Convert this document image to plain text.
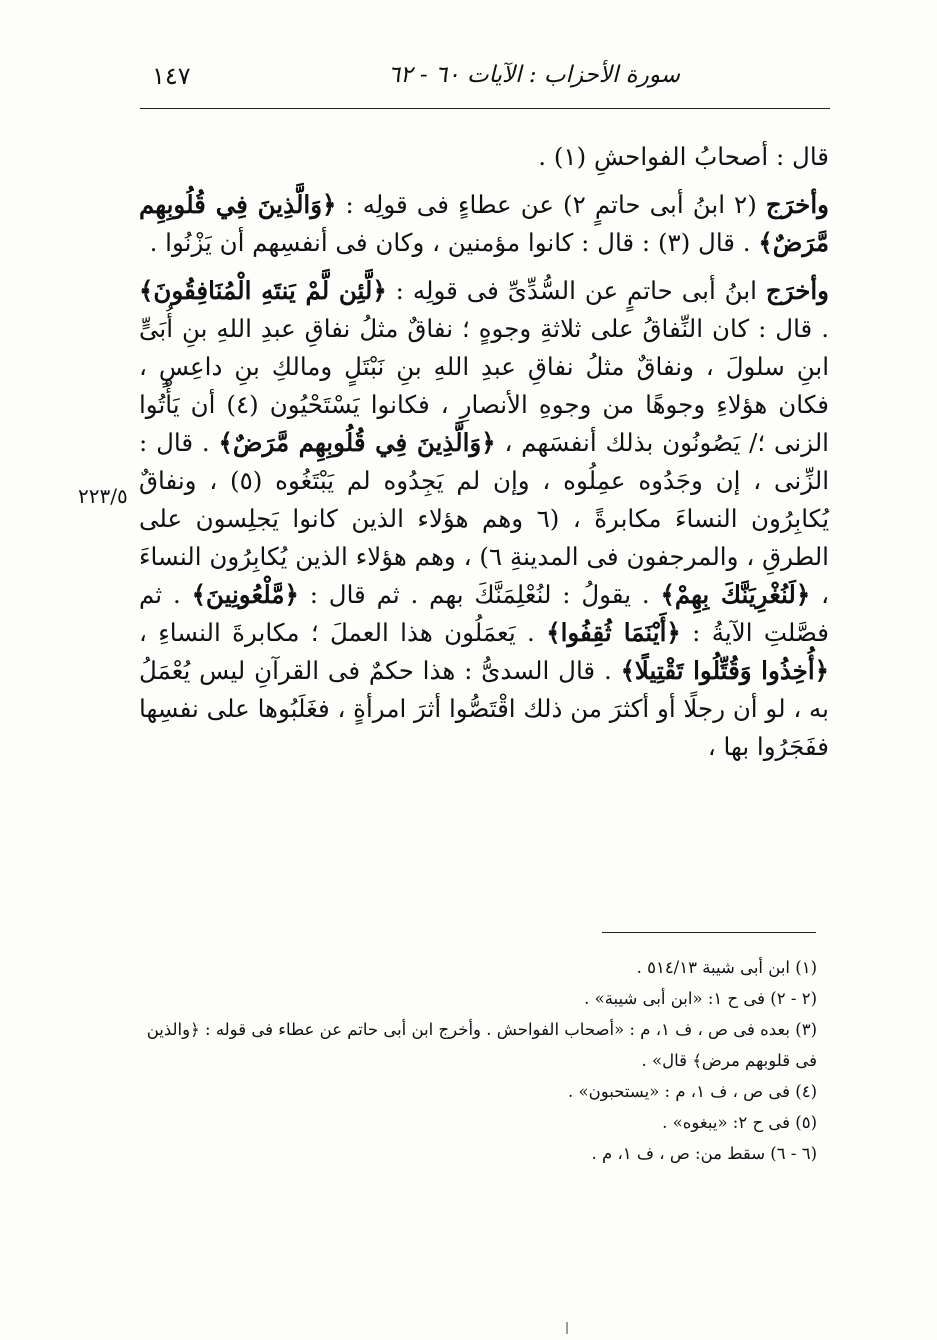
سورة الأحزاب : الآيات ٦٠ - ٦٢
١٤٧
٢٢٣/٥

قال : أصحابُ الفواحشِ (١) .

وأخرَج (٢ ابنُ أبى حاتمٍ ٢) عن عطاءٍ فى قولِه : ﴿وَالَّذِينَ فِي قُلُوبِهِم مَّرَضٌ﴾ . قال (٣) : قال : كانوا مؤمنين ، وكان فى أنفسِهم أن يَزْنُوا .

وأخرَج ابنُ أبى حاتمٍ عن السُّدِّىِّ فى قولِه : ﴿لَّئِن لَّمْ يَنتَهِ الْمُنَافِقُونَ﴾ . قال : كان النِّفاقُ على ثلاثةِ وجوهٍ ؛ نفاقٌ مثلُ نفاقِ عبدِ اللهِ بنِ أُبَىٍّ ابنِ سلولَ ، ونفاقٌ مثلُ نفاقِ عبدِ اللهِ بنِ نَبْتَلٍ ومالكِ بنِ داعِسٍ ، فكان هؤلاءِ وجوهًا من وجوهِ الأنصارِ ، فكانوا يَسْتَحْيُون (٤) أن يَأْتُوا الزنى ؛/ يَصُونُون بذلك أنفسَهم ، ﴿وَالَّذِينَ فِي قُلُوبِهِم مَّرَضٌ﴾ . قال : الزِّنى ، إن وجَدُوه عمِلُوه ، وإن لم يَجِدُوه لم يَبْتَغُوه (٥) ، ونفاقٌ يُكابِرُون النساءَ مكابرةً ، (٦ وهم هؤلاء الذين كانوا يَجلِسون على الطرقِ ، والمرجفون فى المدينةِ ٦) ، وهم هؤلاء الذين يُكابِرُون النساءَ ، ﴿لَنُغْرِيَنَّكَ بِهِمْ﴾ . يقولُ : لنُعْلِمَنَّكَ بهم . ثم قال : ﴿مَّلْعُونِينَ﴾ . ثم فصَّلتِ الآيةُ : ﴿أَيْنَمَا ثُقِفُوا﴾ . يَعمَلُون هذا العملَ ؛ مكابرةَ النساءِ ، ﴿أُخِذُوا وَقُتِّلُوا تَقْتِيلًا﴾ . قال السدىُّ : هذا حكمٌ فى القرآنِ ليس يُعْمَلُ به ، لو أن رجلًا أو أكثرَ من ذلك اقْتَصُّوا أثرَ امرأةٍ ، فغَلَبُوها على نفسِها ففَجَرُوا بها ،

(١) ابن أبى شيبة ٥١٤/١٣ .

(٢ - ٢) فى ح ١: «ابن أبى شيبة» .

(٣) بعده فى ص ، ف ١، م : «أصحاب الفواحش . وأخرج ابن أبى حاتم عن عطاء فى قوله : ﴿والذين فى قلوبهم مرض﴾ قال» .

(٤) فى ص ، ف ١، م : «يستحبون» .

(٥) فى ح ٢: «يبغوه» .

(٦ - ٦) سقط من: ص ، ف ١، م .
